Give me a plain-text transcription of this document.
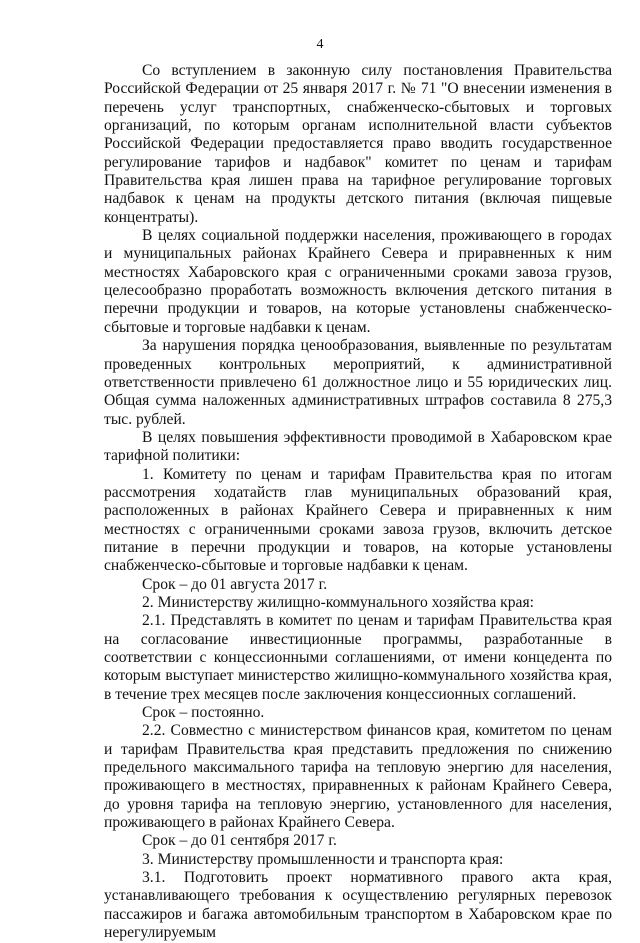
4

Со вступлением в законную силу постановления Правительства Российской Федерации от 25 января 2017 г. № 71 "О внесении изменения в перечень услуг транспортных, снабженческо-сбытовых и торговых организаций, по которым органам исполнительной власти субъектов Российской Федерации предоставляется право вводить государственное регулирование тарифов и надбавок" комитет по ценам и тарифам Правительства края лишен права на тарифное регулирование торговых надбавок к ценам на продукты детского питания (включая пищевые концентраты).

В целях социальной поддержки населения, проживающего в городах и муниципальных районах Крайнего Севера и приравненных к ним местностях Хабаровского края с ограниченными сроками завоза грузов, целесообразно проработать возможность включения детского питания в перечни продукции и товаров, на которые установлены снабженческо-сбытовые и торговые надбавки к ценам.

За нарушения порядка ценообразования, выявленные по результатам проведенных контрольных мероприятий, к административной ответственности привлечено 61 должностное лицо и 55 юридических лиц. Общая сумма наложенных административных штрафов составила 8 275,3 тыс. рублей.

В целях повышения эффективности проводимой в Хабаровском крае тарифной политики:

1. Комитету по ценам и тарифам Правительства края по итогам рассмотрения ходатайств глав муниципальных образований края, расположенных в районах Крайнего Севера и приравненных к ним местностях с ограниченными сроками завоза грузов, включить детское питание в перечни продукции и товаров, на которые установлены снабженческо-сбытовые и торговые надбавки к ценам.

Срок – до 01 августа 2017 г.

2. Министерству жилищно-коммунального хозяйства края:

2.1. Представлять в комитет по ценам и тарифам Правительства края на согласование инвестиционные программы, разработанные в соответствии с концессионными соглашениями, от имени концедента по которым выступает министерство жилищно-коммунального хозяйства края, в течение трех месяцев после заключения концессионных соглашений.

Срок – постоянно.

2.2. Совместно с министерством финансов края, комитетом по ценам и тарифам Правительства края представить предложения по снижению предельного максимального тарифа на тепловую энергию для населения, проживающего в местностях, приравненных к районам Крайнего Севера, до уровня тарифа на тепловую энергию, установленного для населения, проживающего в районах Крайнего Севера.

Срок – до 01 сентября 2017 г.

3. Министерству промышленности и транспорта края:

3.1. Подготовить проект нормативного правого акта края, устанавливающего требования к осуществлению регулярных перевозок пассажиров и багажа автомобильным транспортом в Хабаровском крае по нерегулируемым
